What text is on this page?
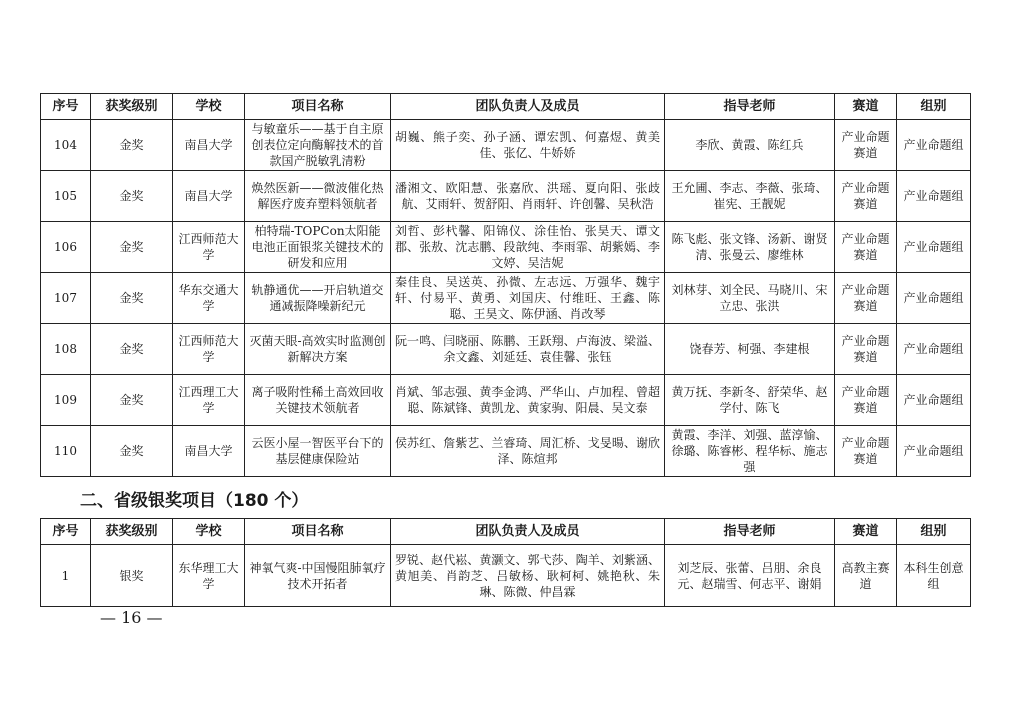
序号	获奖级别	学校	项目名称	团队负责人及成员	指导老师	赛道	组别
104	金奖	南昌大学	与敏童乐——基于自主原创表位定向酶解技术的首款国产脱敏乳清粉	胡巍、熊子奕、孙子涵、谭宏凯、何嘉煜、黄美佳、张亿、牛娇娇	李欣、黄霞、陈红兵	产业命题赛道	产业命题组
105	金奖	南昌大学	焕然医新——微波催化热解医疗废弃塑料领航者	潘湘文、欧阳慧、张嘉欣、洪瑶、夏向阳、张歧航、艾雨轩、贺舒阳、肖雨轩、许创馨、吴秋浩	王允圃、李志、李薇、张琦、崔宪、王靓妮	产业命题赛道	产业命题组
106	金奖	江西师范大学	柏特瑞-TOPCon太阳能电池正面银浆关键技术的研发和应用	刘哲、彭杙馨、阳锦仪、涂佳怡、张昊天、谭文郡、张敖、沈志鹏、段歆纯、李雨霏、胡紫嫣、李文婷、吴洁妮	陈飞彪、张文锋、汤新、谢贤清、张曼云、廖维林	产业命题赛道	产业命题组
107	金奖	华东交通大学	轨静通优——开启轨道交通减振降噪新纪元	秦佳良、吴送英、孙微、左志远、万强华、魏宇轩、付易平、黄勇、刘国庆、付维旺、王鑫、陈聪、王昊文、陈伊涵、肖改琴	刘林芽、刘全民、马晓川、宋立忠、张洪	产业命题赛道	产业命题组
108	金奖	江西师范大学	灭菌天眼-高效实时监测创新解决方案	阮一鸣、闫晓丽、陈鹏、王跃翔、卢海波、梁溢、余文鑫、刘延廷、袁佳馨、张钰	饶春芳、柯强、李建根	产业命题赛道	产业命题组
109	金奖	江西理工大学	离子吸附性稀土高效回收关键技术领航者	肖斌、邹志强、黄李金鸿、严华山、卢加程、曾超聪、陈斌锋、黄凯龙、黄家驹、阳晨、吴文泰	黄万抚、李新冬、舒荣华、赵学付、陈飞	产业命题赛道	产业命题组
110	金奖	南昌大学	云医小屋一智医平台下的基层健康保险站	侯苏红、詹紫艺、兰睿琦、周汇桥、戈旻暘、谢欣泽、陈煊邦	黄霞、李洋、刘强、蓝淳愉、徐璐、陈睿彬、程华标、施志强	产业命题赛道	产业命题组
二、省级银奖项目（180 个）
序号	获奖级别	学校	项目名称	团队负责人及成员	指导老师	赛道	组别
1	银奖	东华理工大学	神氧气爽-中国慢阻肺氧疗技术开拓者	罗锐、赵代崧、黄灏文、郭弋莎、陶羊、刘紫涵、黄旭美、肖韵芝、吕敏杨、耿柯柯、姚艳秋、朱琳、陈微、仲昌霖	刘芝辰、张蕾、吕朋、余良元、赵瑞雪、何志平、谢娟	高教主赛道	本科生创意组
— 16 —
